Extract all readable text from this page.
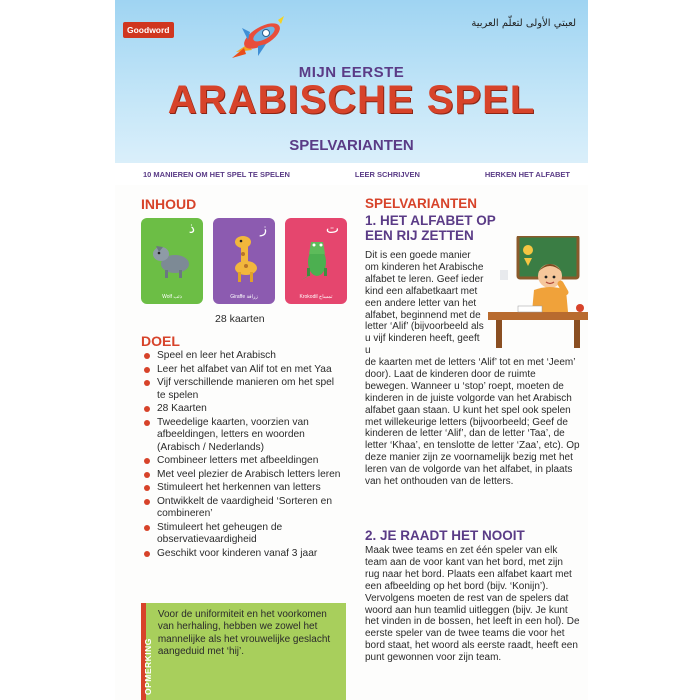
Goodword
لعبتي الأولى لتعلّم العربية
MIJN EERSTE
ARABISCHE SPEL
SPELVARIANTEN
10 MANIEREN OM HET SPEL TE SPELEN	LEER SCHRIJVEN	HERKEN HET ALFABET
INHOUD
ذ
Wolf ذئب
ز
Giraffe زرافة
ت
Krokodil تمساح
28 kaarten
DOEL
Speel en leer het Arabisch
Leer het alfabet van Alif tot en met Yaa
Vijf verschillende manieren om het spel te spelen
28 Kaarten
Tweedelige kaarten, voorzien van afbeeldingen, letters en woorden (Arabisch / Nederlands)
Combineer letters met afbeeldingen
Met veel plezier de Arabisch letters leren
Stimuleert het herkennen van letters
Ontwikkelt de vaardigheid ‘Sorteren en combineren’
Stimuleert het geheugen de observatievaardigheid
Geschikt voor kinderen vanaf 3 jaar
OPMERKING
Voor de uniformiteit en het voorkomen van herhaling, hebben we zowel het mannelijke als het vrouwelijke geslacht aangeduid met ‘hij’.
SPELVARIANTEN
1. HET ALFABET OP EEN RIJ ZETTEN
Dit is een goede manier om kinderen het Arabische alfabet te leren. Geef ieder kind een alfabetkaart met een andere letter van het alfabet, beginnend met de letter ‘Alif’ (bijvoorbeeld als u vijf kinderen heeft, geeft u
de kaarten met de letters ‘Alif’ tot en met ‘Jeem’ door). Laat de kinderen door de ruimte bewegen. Wanneer u ‘stop’ roept, moeten de kinderen in de juiste volgorde van het Arabisch alfabet gaan staan. U kunt het spel ook spelen met willekeurige letters (bijvoorbeeld; Geef de kinderen de letter ‘Alif’, dan de letter ‘Taa’, de letter ‘Khaa’, en tenslotte de letter ‘Zaa’, etc). Op deze manier zijn ze voornamelijk bezig met het leren van de volgorde van het alfabet, in plaats van het onthouden van de letters.
2. JE RAADT HET NOOIT
Maak twee teams en zet één speler van elk team aan de voor kant van het bord, met zijn rug naar het bord. Plaats een alfabet kaart met een afbeelding op het bord (bijv. ‘Konijn’). Vervolgens moeten de rest van de spelers dat woord aan hun teamlid uitleggen (bijv. Je kunt het vinden in de bossen, het leeft in een hol). De eerste speler van de twee teams die voor het bord staat, het woord als eerste raadt, heeft een punt gewonnen voor zijn team.
